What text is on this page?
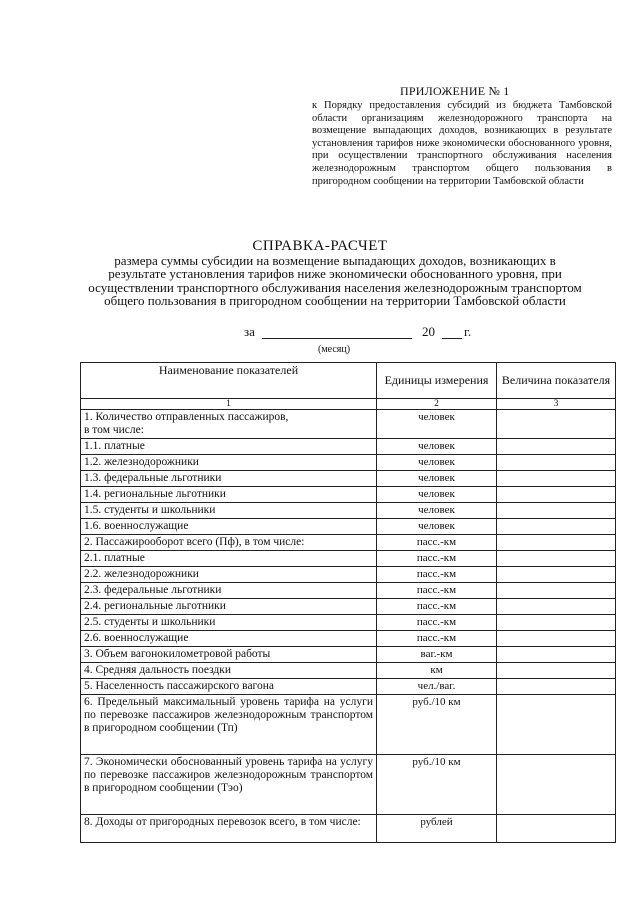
ПРИЛОЖЕНИЕ № 1
к Порядку предоставления субсидий из бюджета Тамбовской области организациям железнодорожного транспорта на возмещение выпадающих доходов, возникающих в результате установления тарифов ниже экономически обоснованного уровня, при осуществлении транспортного обслуживания населения железнодорожным транспортом общего пользования в пригородном сообщении на территории Тамбовской области
СПРАВКА-РАСЧЕТ
размера суммы субсидии на возмещение выпадающих доходов, возникающих в результате установления тарифов ниже экономически обоснованного уровня, при осуществлении транспортного обслуживания населения железнодорожным транспортом общего пользования в пригородном сообщении на территории Тамбовской области
за	20 г.
(месяц)
Наименование показателей	Единицы измерения	Величина показателя
1	2	3
1. Количество отправленных пассажиров,
в том числе:	человек	
1.1. платные	человек	
1.2. железнодорожники	человек	
1.3. федеральные льготники	человек	
1.4. региональные льготники	человек	
1.5. студенты и школьники	человек	
1.6. военнослужащие	человек	
2. Пассажирооборот всего (Пф), в том числе:	пасс.-км	
2.1. платные	пасс.-км	
2.2. железнодорожники	пасс.-км	
2.3. федеральные льготники	пасс.-км	
2.4. региональные льготники	пасс.-км	
2.5. студенты и школьники	пасс.-км	
2.6. военнослужащие	пасс.-км	
3. Объем вагонокилометровой работы	ваг.-км	
4. Средняя дальность поездки	км	
5. Населенность пассажирского вагона	чел./ваг.	
6. Предельный максимальный уровень тарифа на услуги по перевозке пассажиров железнодорожным транспортом в пригородном сообщении (Тп)	руб./10 км	
7. Экономически обоснованный уровень тарифа на услугу по перевозке пассажиров железнодорожным транспортом в пригородном сообщении (Тэо)	руб./10 км	
8. Доходы от пригородных перевозок всего, в том числе:	рублей	
